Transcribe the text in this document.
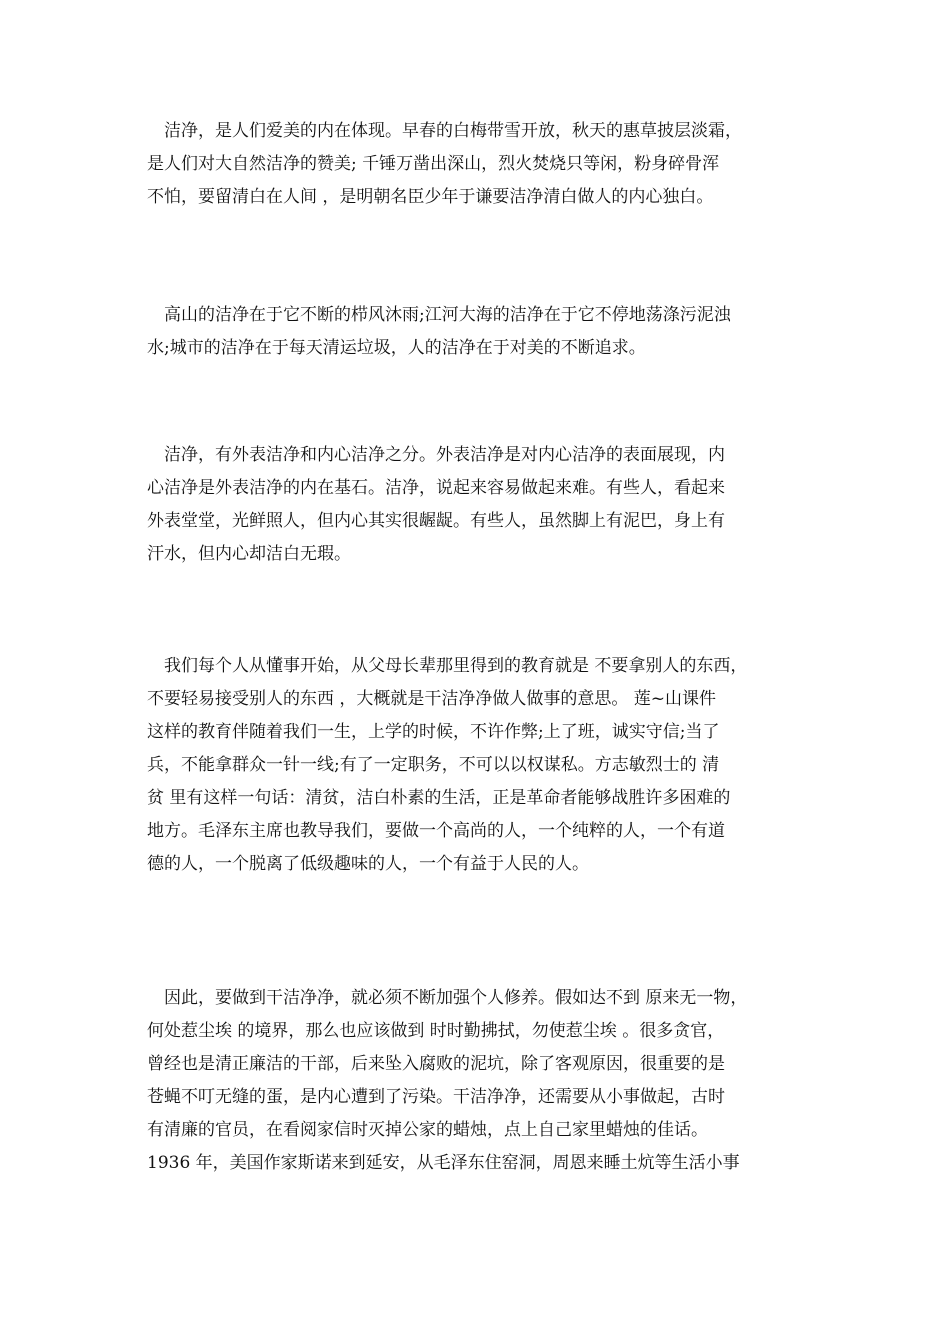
　洁净，是人们爱美的内在体现。早春的白梅带雪开放，秋天的惠草披层淡霜，
是人们对大自然洁净的赞美; 千锤万凿出深山，烈火焚烧只等闲，粉身碎骨浑
不怕，要留清白在人间 ，是明朝名臣少年于谦要洁净清白做人的内心独白。
　高山的洁净在于它不断的栉风沐雨;江河大海的洁净在于它不停地荡涤污泥浊
水;城市的洁净在于每天清运垃圾，人的洁净在于对美的不断追求。
　洁净，有外表洁净和内心洁净之分。外表洁净是对内心洁净的表面展现，内
心洁净是外表洁净的内在基石。洁净，说起来容易做起来难。有些人，看起来
外表堂堂，光鲜照人，但内心其实很龌龊。有些人，虽然脚上有泥巴，身上有
汗水，但内心却洁白无瑕。
　我们每个人从懂事开始，从父母长辈那里得到的教育就是 不要拿别人的东西，
不要轻易接受别人的东西 ，大概就是干洁净净做人做事的意思。 莲~山课件
这样的教育伴随着我们一生，上学的时候，不许作弊;上了班，诚实守信;当了
兵，不能拿群众一针一线;有了一定职务，不可以以权谋私。方志敏烈士的 清
贫 里有这样一句话：清贫，洁白朴素的生活，正是革命者能够战胜许多困难的
地方。毛泽东主席也教导我们，要做一个高尚的人，一个纯粹的人，一个有道
德的人，一个脱离了低级趣味的人，一个有益于人民的人。
　因此，要做到干洁净净，就必须不断加强个人修养。假如达不到 原来无一物，
何处惹尘埃 的境界，那么也应该做到 时时勤拂拭，勿使惹尘埃 。很多贪官，
曾经也是清正廉洁的干部，后来坠入腐败的泥坑，除了客观原因，很重要的是
苍蝇不叮无缝的蛋，是内心遭到了污染。干洁净净，还需要从小事做起，古时
有清廉的官员，在看阅家信时灭掉公家的蜡烛，点上自己家里蜡烛的佳话。
1936 年，美国作家斯诺来到延安，从毛泽东住窑洞，周恩来睡土炕等生活小事
